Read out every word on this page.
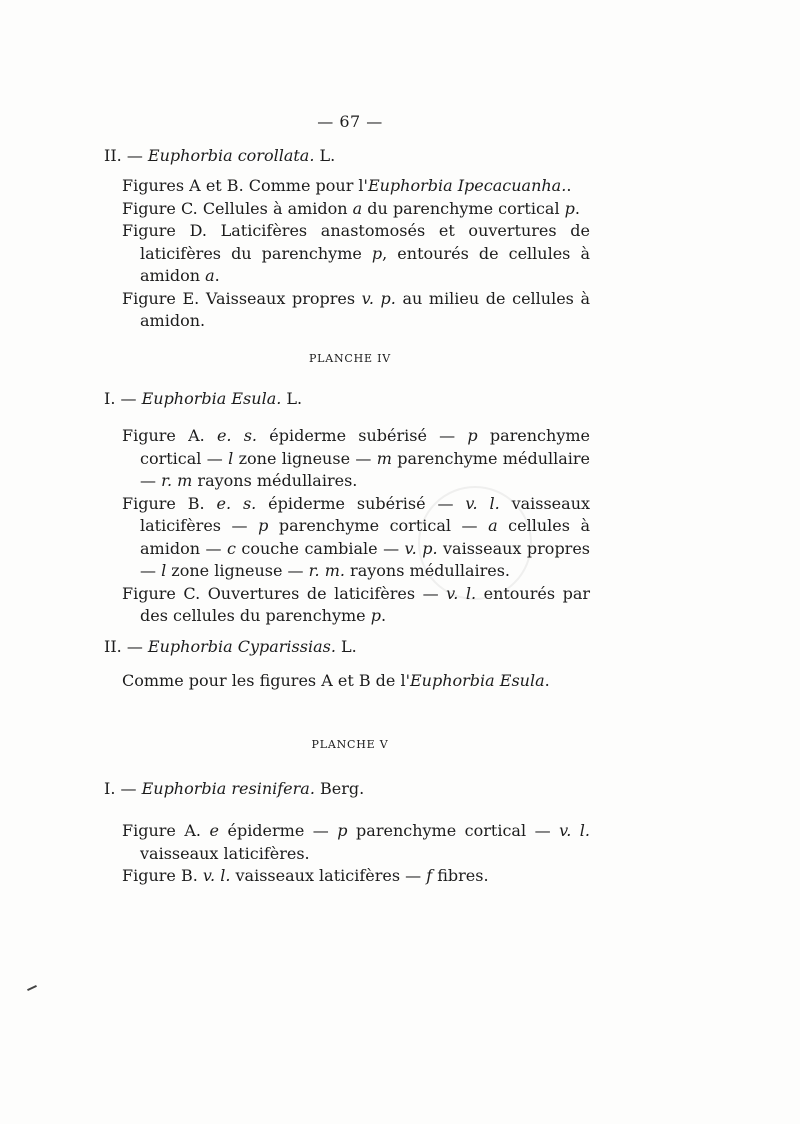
— 67 —
II. — Euphorbia corollata. L.

Figures A et B. Comme pour l'Euphorbia Ipecacuanha..

Figure C. Cellules à amidon a du parenchyme cortical p.

Figure D. Laticifères anastomosés et ouvertures de laticifères du parenchyme p, entourés de cellules à amidon a.

Figure E. Vaisseaux propres v. p. au milieu de cellules à amidon.

PLANCHE IV
I. — Euphorbia Esula. L.

Figure A. e. s. épiderme subérisé — p parenchyme cortical — l zone ligneuse — m parenchyme médullaire — r. m rayons médullaires.

Figure B. e. s. épiderme subérisé — v. l. vaisseaux laticifères — p parenchyme cortical — a cellules à amidon — c couche cambiale — v. p. vaisseaux propres — l zone ligneuse — r. m. rayons médullaires.

Figure C. Ouvertures de laticifères — v. l. entourés par des cellules du parenchyme p.

II. — Euphorbia Cyparissias. L.
Comme pour les figures A et B de l'Euphorbia Esula.
PLANCHE V
I. — Euphorbia resinifera. Berg.

Figure A. e épiderme — p parenchyme cortical — v. l. vaisseaux laticifères.

Figure B. v. l. vaisseaux laticifères — f fibres.
